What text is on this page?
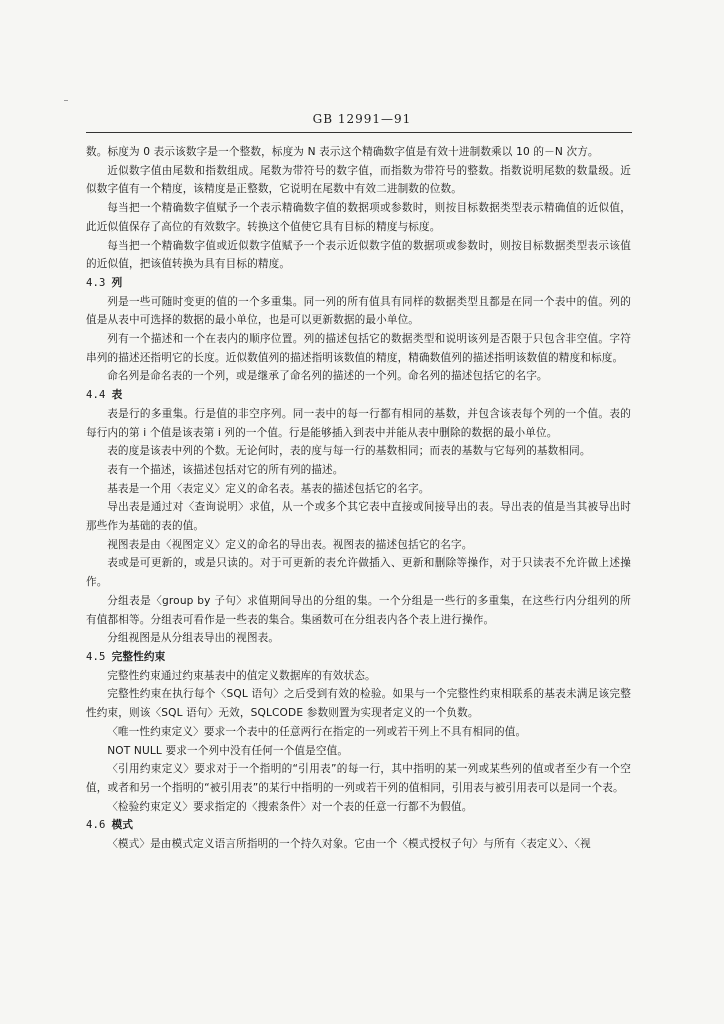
GB 12991—91

数。标度为 0 表示该数字是一个整数，标度为 N 表示这个精确数字值是有效十进制数乘以 10 的－N 次方。

近似数字值由尾数和指数组成。尾数为带符号的数字值，而指数为带符号的整数。指数说明尾数的数量级。近似数字值有一个精度，该精度是正整数，它说明在尾数中有效二进制数的位数。

每当把一个精确数字值赋予一个表示精确数字值的数据项或参数时，则按目标数据类型表示精确值的近似值，此近似值保存了高位的有效数字。转换这个值使它具有目标的精度与标度。

每当把一个精确数字值或近似数字值赋予一个表示近似数字值的数据项或参数时，则按目标数据类型表示该值的近似值，把该值转换为具有目标的精度。

4.3 列

列是一些可随时变更的值的一个多重集。同一列的所有值具有同样的数据类型且都是在同一个表中的值。列的值是从表中可选择的数据的最小单位，也是可以更新数据的最小单位。

列有一个描述和一个在表内的顺序位置。列的描述包括它的数据类型和说明该列是否限于只包含非空值。字符串列的描述还指明它的长度。近似数值列的描述指明该数值的精度，精确数值列的描述指明该数值的精度和标度。

命名列是命名表的一个列，或是继承了命名列的描述的一个列。命名列的描述包括它的名字。

4.4 表

表是行的多重集。行是值的非空序列。同一表中的每一行都有相同的基数，并包含该表每个列的一个值。表的每行内的第 i 个值是该表第 i 列的一个值。行是能够插入到表中并能从表中删除的数据的最小单位。

表的度是该表中列的个数。无论何时，表的度与每一行的基数相同；而表的基数与它每列的基数相同。

表有一个描述，该描述包括对它的所有列的描述。

基表是一个用〈表定义〉定义的命名表。基表的描述包括它的名字。

导出表是通过对〈查询说明〉求值，从一个或多个其它表中直接或间接导出的表。导出表的值是当其被导出时那些作为基础的表的值。

视图表是由〈视图定义〉定义的命名的导出表。视图表的描述包括它的名字。

表或是可更新的，或是只读的。对于可更新的表允许做插入、更新和删除等操作，对于只读表不允许做上述操作。

分组表是〈group by 子句〉求值期间导出的分组的集。一个分组是一些行的多重集，在这些行内分组列的所有值都相等。分组表可看作是一些表的集合。集函数可在分组表内各个表上进行操作。

分组视图是从分组表导出的视图表。

4.5 完整性约束

完整性约束通过约束基表中的值定义数据库的有效状态。

完整性约束在执行每个〈SQL 语句〉之后受到有效的检验。如果与一个完整性约束相联系的基表未满足该完整性约束，则该〈SQL 语句〉无效，SQLCODE 参数则置为实现者定义的一个负数。

〈唯一性约束定义〉要求一个表中的任意两行在指定的一列或若干列上不具有相同的值。

NOT NULL 要求一个列中没有任何一个值是空值。

〈引用约束定义〉要求对于一个指明的“引用表”的每一行，其中指明的某一列或某些列的值或者至少有一个空值，或者和另一个指明的“被引用表”的某行中指明的一列或若干列的值相同，引用表与被引用表可以是同一个表。

〈检验约束定义〉要求指定的〈搜索条件〉对一个表的任意一行都不为假值。

4.6 模式

〈模式〉是由模式定义语言所指明的一个持久对象。它由一个〈模式授权子句〉与所有〈表定义〉、〈视
